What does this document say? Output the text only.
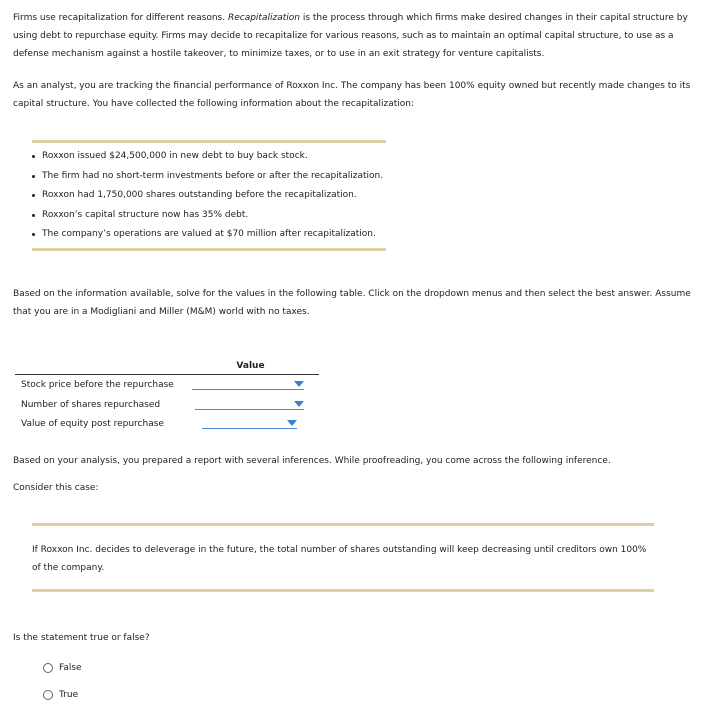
Firms use recapitalization for different reasons. Recapitalization is the process through which firms make desired changes in their capital structure by using debt to repurchase equity. Firms may decide to recapitalize for various reasons, such as to maintain an optimal capital structure, to use as a defense mechanism against a hostile takeover, to minimize taxes, or to use in an exit strategy for venture capitalists.

As an analyst, you are tracking the financial performance of Roxxon Inc. The company has been 100% equity owned but recently made changes to its capital structure. You have collected the following information about the recapitalization:

Roxxon issued $24,500,000 in new debt to buy back stock.
The firm had no short-term investments before or after the recapitalization.
Roxxon had 1,750,000 shares outstanding before the recapitalization.
Roxxon’s capital structure now has 35% debt.
The company’s operations are valued at $70 million after recapitalization.

Based on the information available, solve for the values in the following table. Click on the dropdown menus and then select the best answer. Assume that you are in a Modigliani and Miller (M&M) world with no taxes.

Value
Stock price before the repurchase
Number of shares repurchased
Value of equity post repurchase

Based on your analysis, you prepared a report with several inferences. While proofreading, you come across the following inference.

Consider this case:

If Roxxon Inc. decides to deleverage in the future, the total number of shares outstanding will keep decreasing until creditors own 100% of the company.

Is the statement true or false?

False
True
